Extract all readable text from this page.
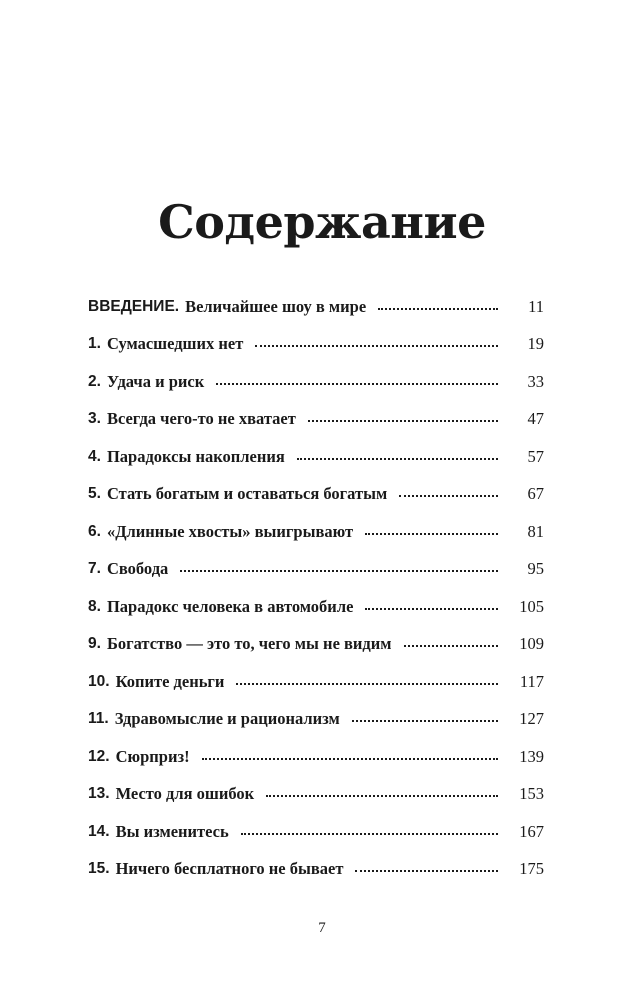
Содержание
ВВЕДЕНИЕ. Величайшее шоу в мире	11
1. Сумасшедших нет	19
2. Удача и риск	33
3. Всегда чего-то не хватает	47
4. Парадоксы накопления	57
5. Стать богатым и оставаться богатым	67
6. «Длинные хвосты» выигрывают	81
7. Свобода	95
8. Парадокс человека в автомобиле	105
9. Богатство — это то, чего мы не видим	109
10. Копите деньги	117
11. Здравомыслие и рационализм	127
12. Сюрприз!	139
13. Место для ошибок	153
14. Вы изменитесь	167
15. Ничего бесплатного не бывает	175
7
